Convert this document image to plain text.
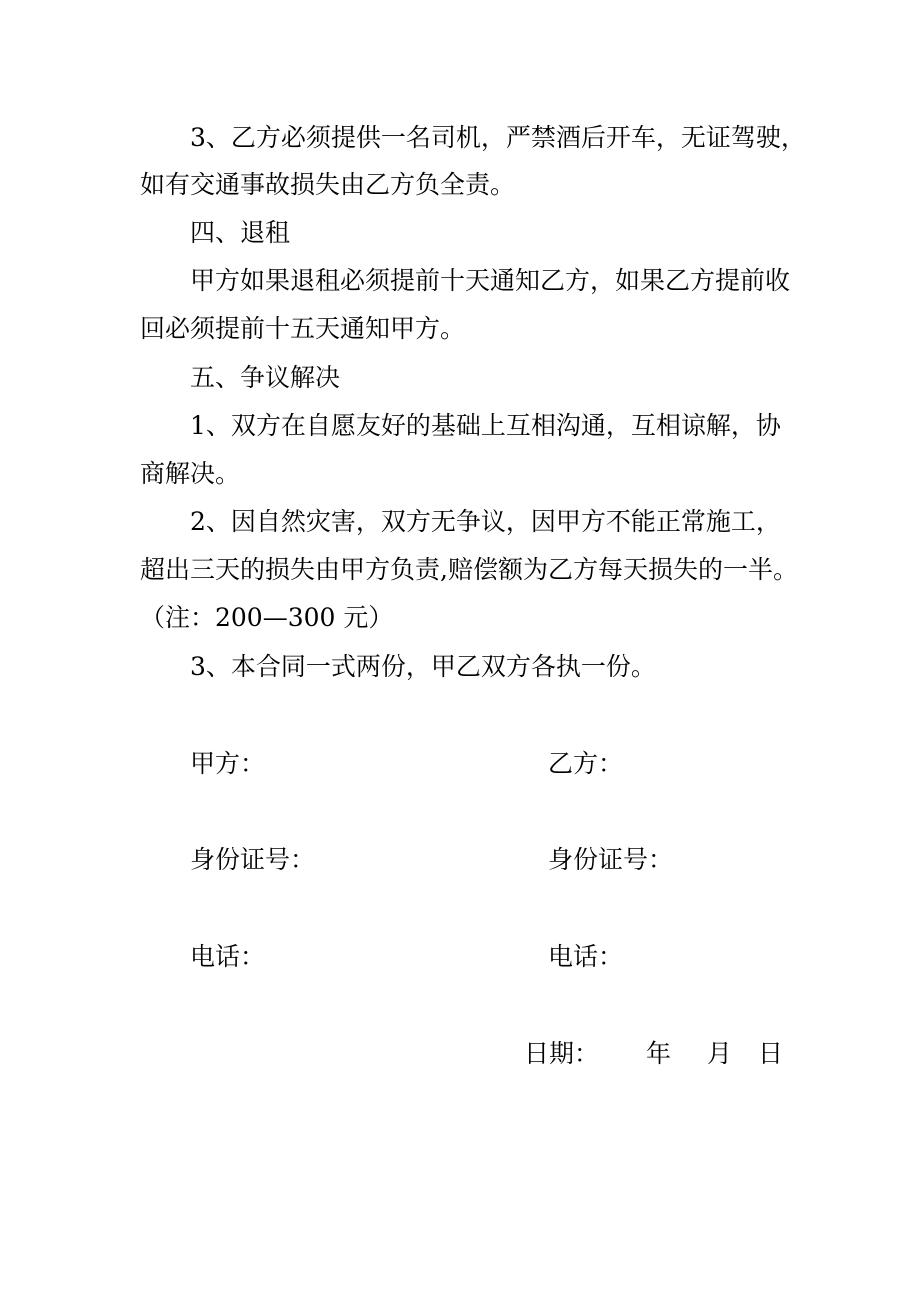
3、乙方必须提供一名司机，严禁酒后开车，无证驾驶，
如有交通事故损失由乙方负全责。
四、退租
甲方如果退租必须提前十天通知乙方，如果乙方提前收
回必须提前十五天通知甲方。
五、争议解决
1、双方在自愿友好的基础上互相沟通，互相谅解，协
商解决。
2、因自然灾害，双方无争议，因甲方不能正常施工，
超出三天的损失由甲方负责,赔偿额为乙方每天损失的一半。
（注：200—300 元）
3、本合同一式两份，甲乙双方各执一份。
甲方：	乙方：
身份证号：	身份证号：
电话：	电话：
日期： 年 月 日
